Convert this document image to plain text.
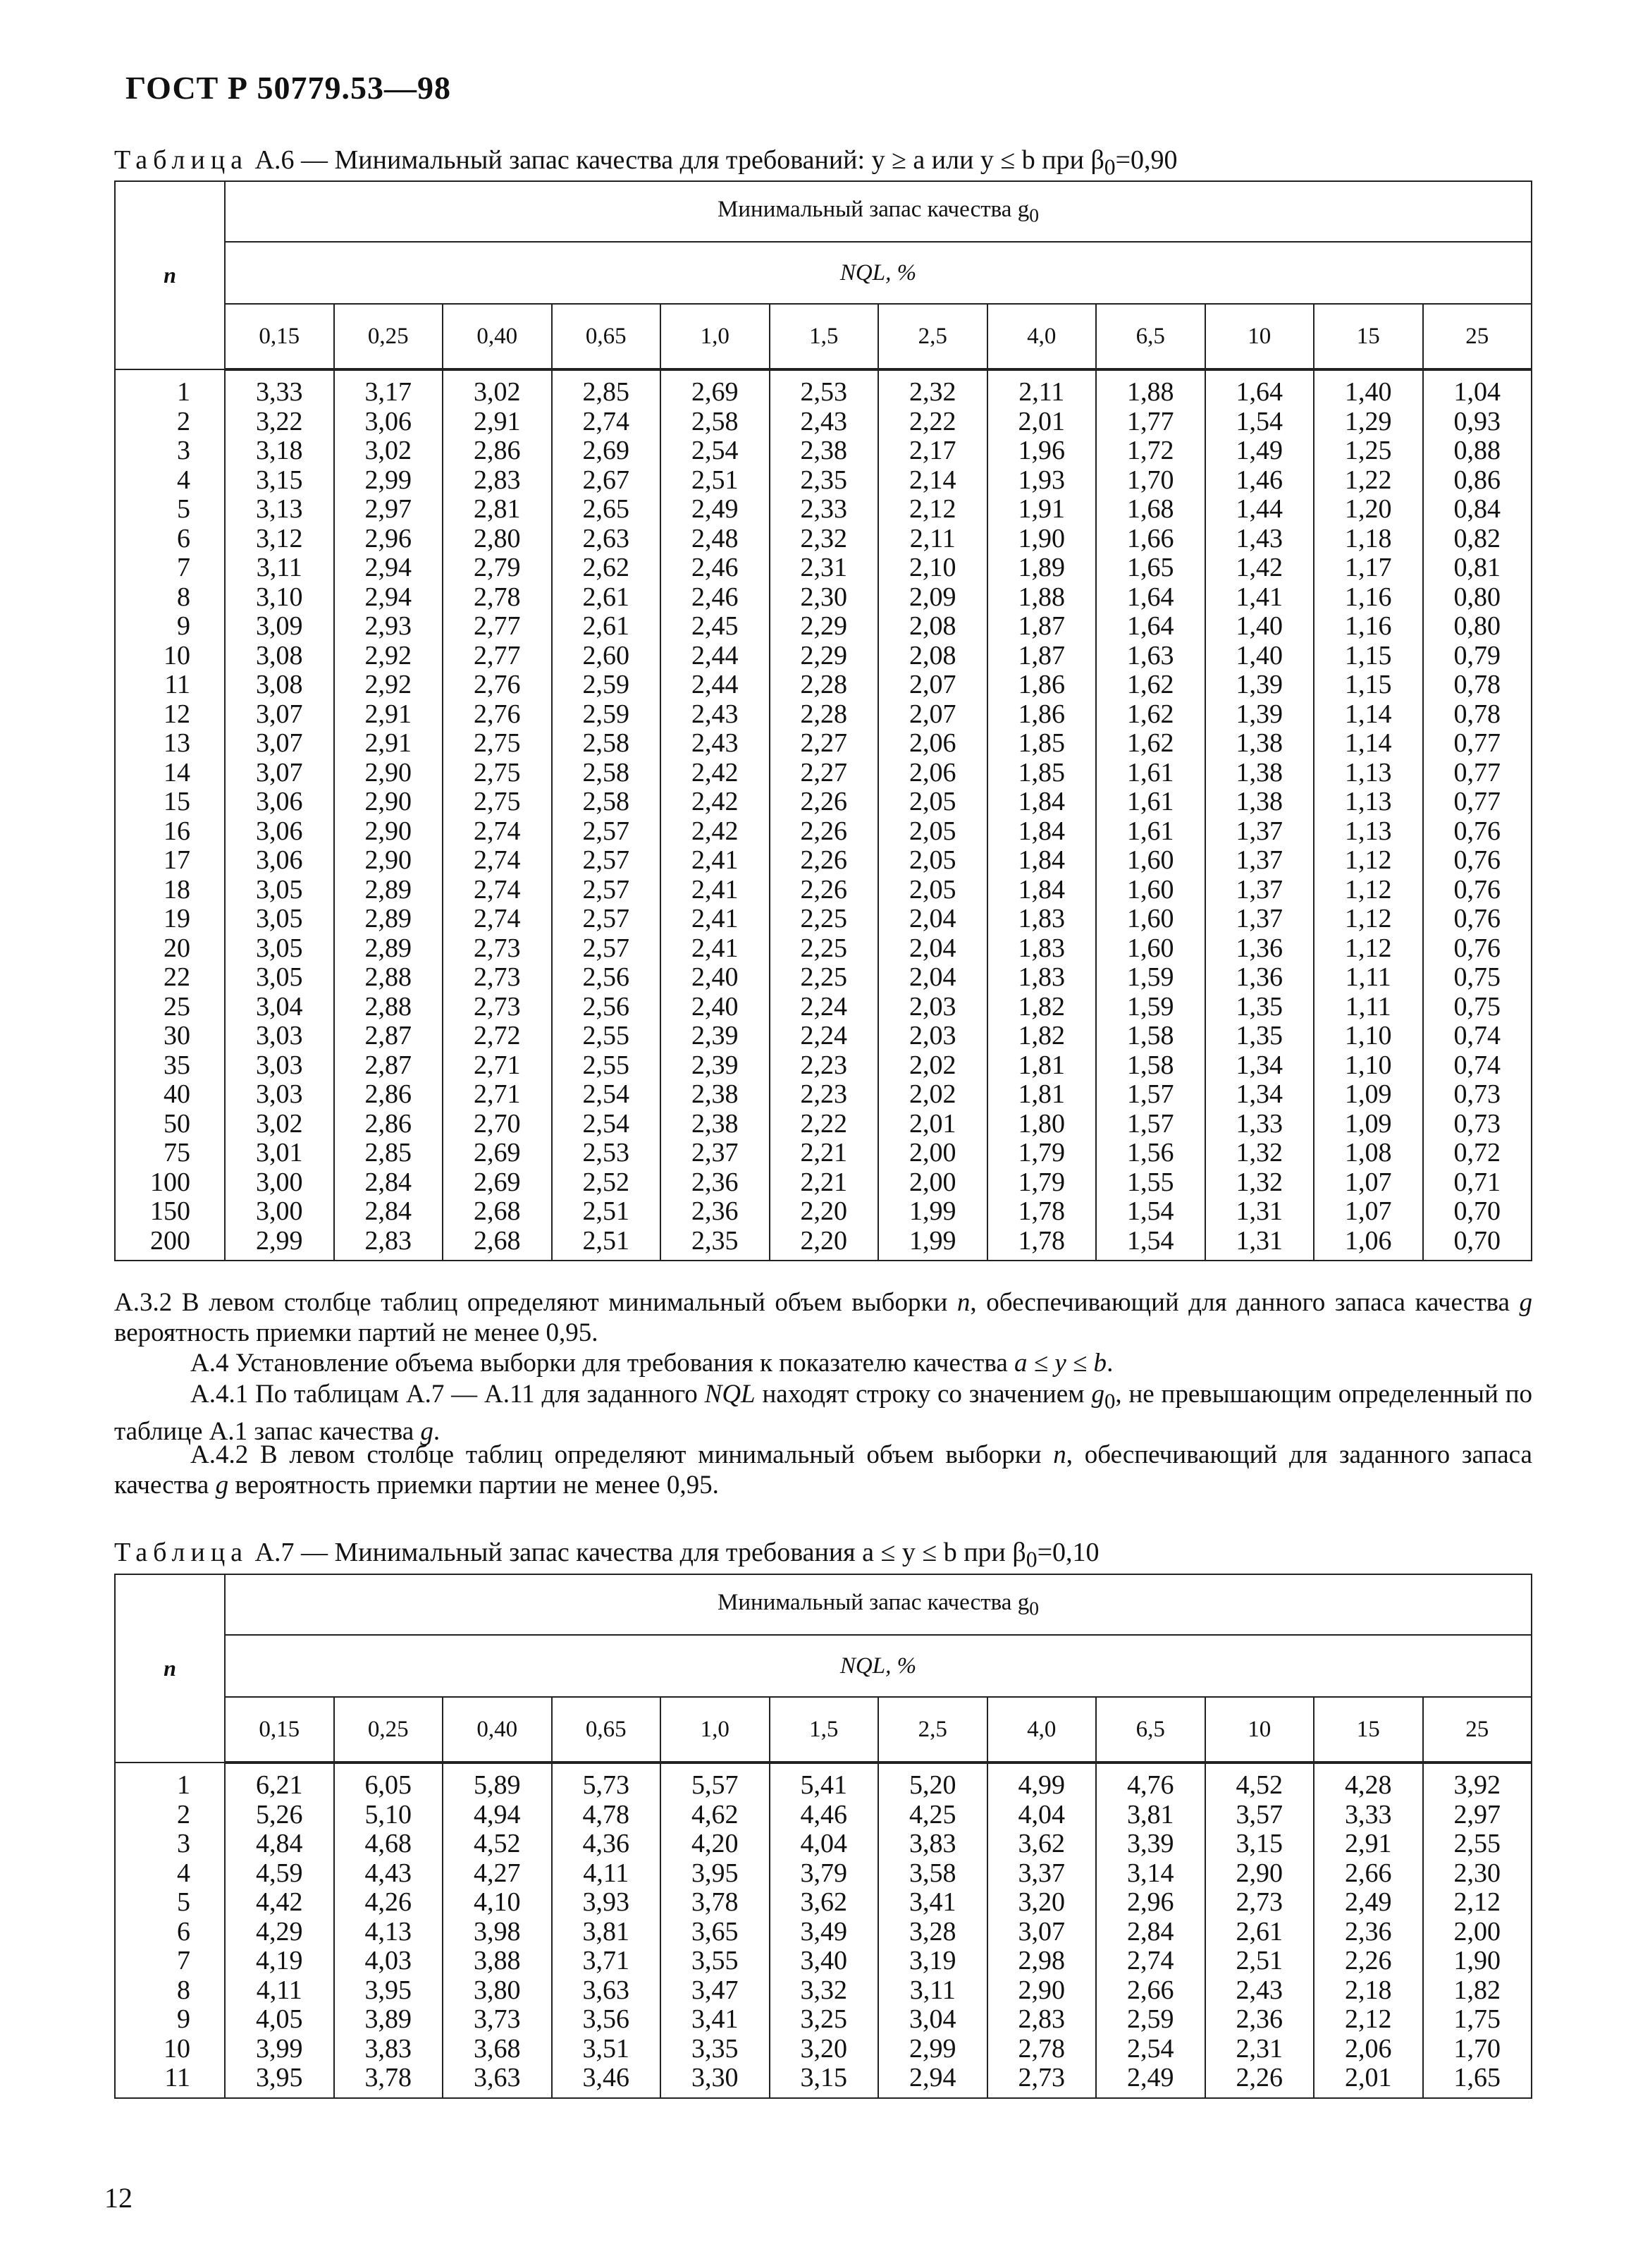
ГОСТ Р 50779.53—98
Таблица А.6 — Минимальный запас качества для требований: у ≥ а или у ≤ b при $\beta_0=0,90$
n	Минимальный запас качества $g_0$
	NQL, %											
	0,15	0,25	0,40	0,65	1,0	1,5	2,5	4,0	6,5	10	15	25
1	3,33	3,17	3,02	2,85	2,69	2,53	2,32	2,11	1,88	1,64	1,40	1,04
2	3,22	3,06	2,91	2,74	2,58	2,43	2,22	2,01	1,77	1,54	1,29	0,93
3	3,18	3,02	2,86	2,69	2,54	2,38	2,17	1,96	1,72	1,49	1,25	0,88
4	3,15	2,99	2,83	2,67	2,51	2,35	2,14	1,93	1,70	1,46	1,22	0,86
5	3,13	2,97	2,81	2,65	2,49	2,33	2,12	1,91	1,68	1,44	1,20	0,84
6	3,12	2,96	2,80	2,63	2,48	2,32	2,11	1,90	1,66	1,43	1,18	0,82
7	3,11	2,94	2,79	2,62	2,46	2,31	2,10	1,89	1,65	1,42	1,17	0,81
8	3,10	2,94	2,78	2,61	2,46	2,30	2,09	1,88	1,64	1,41	1,16	0,80
9	3,09	2,93	2,77	2,61	2,45	2,29	2,08	1,87	1,64	1,40	1,16	0,80
10	3,08	2,92	2,77	2,60	2,44	2,29	2,08	1,87	1,63	1,40	1,15	0,79
11	3,08	2,92	2,76	2,59	2,44	2,28	2,07	1,86	1,62	1,39	1,15	0,78
12	3,07	2,91	2,76	2,59	2,43	2,28	2,07	1,86	1,62	1,39	1,14	0,78
13	3,07	2,91	2,75	2,58	2,43	2,27	2,06	1,85	1,62	1,38	1,14	0,77
14	3,07	2,90	2,75	2,58	2,42	2,27	2,06	1,85	1,61	1,38	1,13	0,77
15	3,06	2,90	2,75	2,58	2,42	2,26	2,05	1,84	1,61	1,38	1,13	0,77
16	3,06	2,90	2,74	2,57	2,42	2,26	2,05	1,84	1,61	1,37	1,13	0,76
17	3,06	2,90	2,74	2,57	2,41	2,26	2,05	1,84	1,60	1,37	1,12	0,76
18	3,05	2,89	2,74	2,57	2,41	2,26	2,05	1,84	1,60	1,37	1,12	0,76
19	3,05	2,89	2,74	2,57	2,41	2,25	2,04	1,83	1,60	1,37	1,12	0,76
20	3,05	2,89	2,73	2,57	2,41	2,25	2,04	1,83	1,60	1,36	1,12	0,76
22	3,05	2,88	2,73	2,56	2,40	2,25	2,04	1,83	1,59	1,36	1,11	0,75
25	3,04	2,88	2,73	2,56	2,40	2,24	2,03	1,82	1,59	1,35	1,11	0,75
30	3,03	2,87	2,72	2,55	2,39	2,24	2,03	1,82	1,58	1,35	1,10	0,74
35	3,03	2,87	2,71	2,55	2,39	2,23	2,02	1,81	1,58	1,34	1,10	0,74
40	3,03	2,86	2,71	2,54	2,38	2,23	2,02	1,81	1,57	1,34	1,09	0,73
50	3,02	2,86	2,70	2,54	2,38	2,22	2,01	1,80	1,57	1,33	1,09	0,73
75	3,01	2,85	2,69	2,53	2,37	2,21	2,00	1,79	1,56	1,32	1,08	0,72
100	3,00	2,84	2,69	2,52	2,36	2,21	2,00	1,79	1,55	1,32	1,07	0,71
150	3,00	2,84	2,68	2,51	2,36	2,20	1,99	1,78	1,54	1,31	1,07	0,70
200	2,99	2,83	2,68	2,51	2,35	2,20	1,99	1,78	1,54	1,31	1,06	0,70
А.3.2 В левом столбце таблиц определяют минимальный объем выборки n, обеспечивающий для данного запаса качества g вероятность приемки партий не менее 0,95.
А.4 Установление объема выборки для требования к показателю качества а ≤ у ≤ b.
А.4.1 По таблицам А.7 — А.11 для заданного NQL находят строку со значением $g_0$, не превышающим определенный по таблице А.1 запас качества g.
А.4.2 В левом столбце таблиц определяют минимальный объем выборки n, обеспечивающий для заданного запаса качества g вероятность приемки партии не менее 0,95.
Таблица А.7 — Минимальный запас качества для требования а ≤ у ≤ b при $\beta_0=0,10$
n	Минимальный запас качества $g_0$
	NQL, %											
	0,15	0,25	0,40	0,65	1,0	1,5	2,5	4,0	6,5	10	15	25
1	6,21	6,05	5,89	5,73	5,57	5,41	5,20	4,99	4,76	4,52	4,28	3,92
2	5,26	5,10	4,94	4,78	4,62	4,46	4,25	4,04	3,81	3,57	3,33	2,97
3	4,84	4,68	4,52	4,36	4,20	4,04	3,83	3,62	3,39	3,15	2,91	2,55
4	4,59	4,43	4,27	4,11	3,95	3,79	3,58	3,37	3,14	2,90	2,66	2,30
5	4,42	4,26	4,10	3,93	3,78	3,62	3,41	3,20	2,96	2,73	2,49	2,12
6	4,29	4,13	3,98	3,81	3,65	3,49	3,28	3,07	2,84	2,61	2,36	2,00
7	4,19	4,03	3,88	3,71	3,55	3,40	3,19	2,98	2,74	2,51	2,26	1,90
8	4,11	3,95	3,80	3,63	3,47	3,32	3,11	2,90	2,66	2,43	2,18	1,82
9	4,05	3,89	3,73	3,56	3,41	3,25	3,04	2,83	2,59	2,36	2,12	1,75
10	3,99	3,83	3,68	3,51	3,35	3,20	2,99	2,78	2,54	2,31	2,06	1,70
11	3,95	3,78	3,63	3,46	3,30	3,15	2,94	2,73	2,49	2,26	2,01	1,65
12
